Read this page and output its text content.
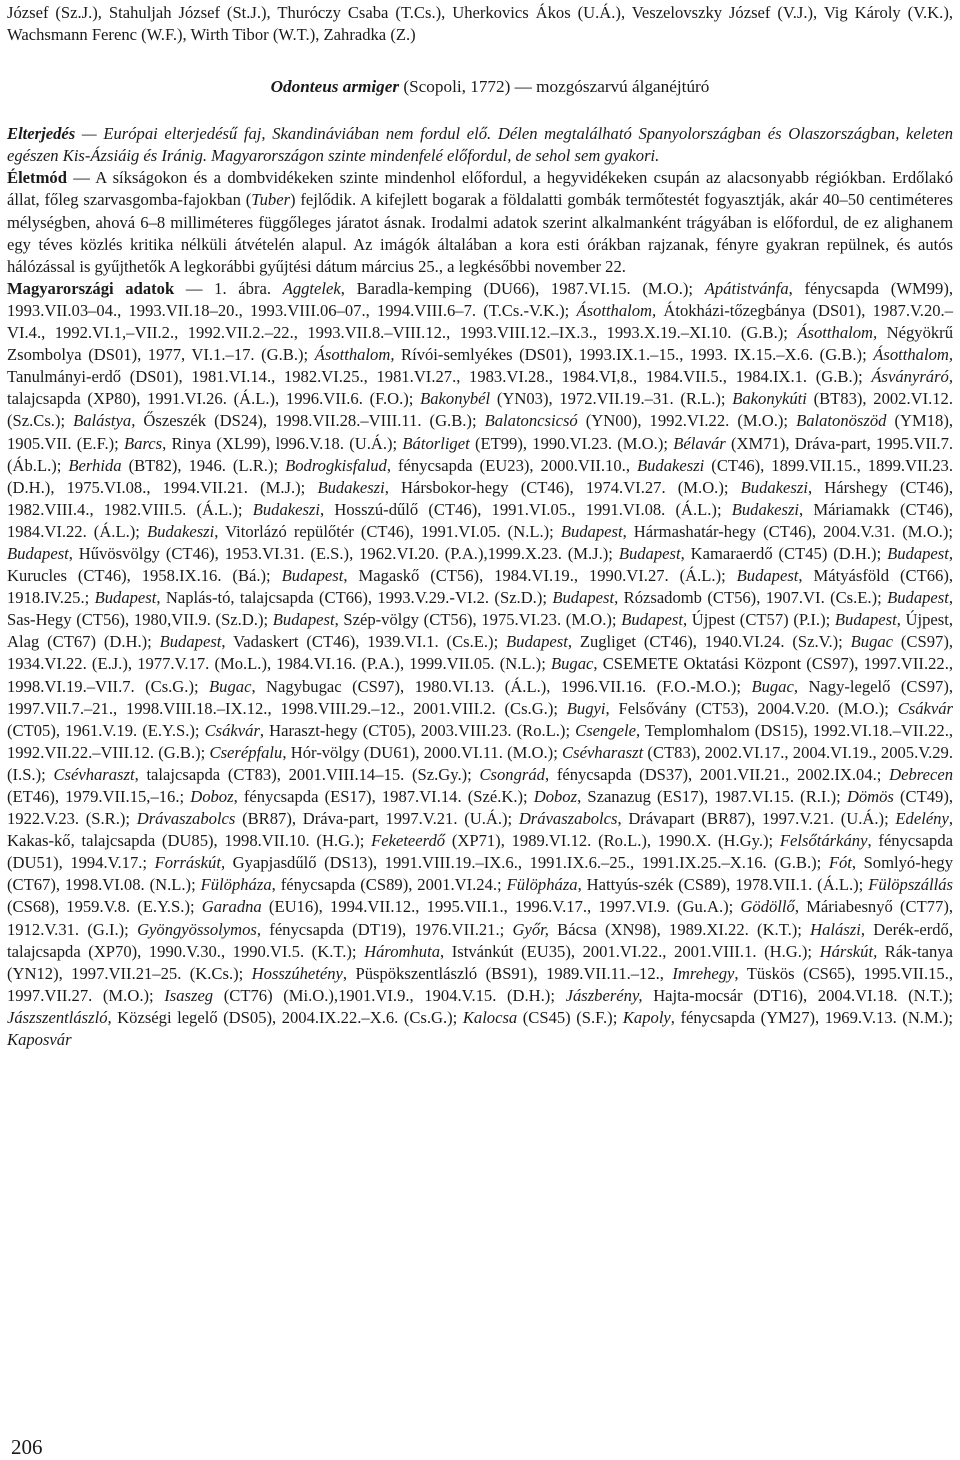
József (Sz.J.), Stahuljah József (St.J.), Thuróczy Csaba (T.Cs.), Uherkovics Ákos (U.Á.), Veszelovszky József (V.J.), Vig Károly (V.K.), Wachsmann Ferenc (W.F.), Wirth Tibor (W.T.), Zahradka (Z.)

Odonteus armiger (Scopoli, 1772) — mozgószarvú álganéjtúró

Elterjedés — Európai elterjedésű faj, Skandináviában nem fordul elő. Délen megtalálható Spanyolországban és Olaszországban, keleten egészen Kis-Ázsiáig és Iránig. Magyarországon szinte mindenfelé előfordul, de sehol sem gyakori.

Életmód — A síkságokon és a dombvidékeken szinte mindenhol előfordul, a hegyvidékeken csupán az alacsonyabb régiókban. Erdőlakó állat, főleg szarvasgomba-fajokban (Tuber) fejlődik. A kifejlett bogarak a földalatti gombák termőtestét fogyasztják, akár 40–50 centiméteres mélységben, ahová 6–8 milliméteres függőleges járatot ásnak. Irodalmi adatok szerint alkalmanként trágyában is előfordul, de ez alighanem egy téves közlés kritika nélküli átvételén alapul. Az imágók általában a kora esti órákban rajzanak, fényre gyakran repülnek, és autós hálózással is gyűjthetők A legkorábbi gyűjtési dátum március 25., a legkésőbbi november 22.

Magyarországi adatok — 1. ábra. Aggtelek, Baradla-kemping (DU66), 1987.VI.15. (M.O.); Apátistvánfa, fénycsapda (WM99), 1993.VII.03–04., 1993.VII.18–20., 1993.VIII.06–07., 1994.VIII.6–7. (T.Cs.-V.K.); Ásotthalom, Átokházi-tőzegbánya (DS01), 1987.V.20.–VI.4., 1992.VI.1,–VII.2., 1992.VII.2.–22., 1993.VII.8.–VIII.12., 1993.VIII.12.–IX.3., 1993.X.19.–XI.10. (G.B.); Ásotthalom, Négyökrű Zsombolya (DS01), 1977, VI.1.–17. (G.B.); Ásotthalom, Rívói-semlyékes (DS01), 1993.IX.1.–15., 1993. IX.15.–X.6. (G.B.); Ásotthalom, Tanulmányi-erdő (DS01), 1981.VI.14., 1982.VI.25., 1981.VI.27., 1983.VI.28., 1984.VI,8., 1984.VII.5., 1984.IX.1. (G.B.); Ásványráró, talajcsapda (XP80), 1991.VI.26. (Á.L.), 1996.VII.6. (F.O.); Bakonybél (YN03), 1972.VII.19.–31. (R.L.); Bakonykúti (BT83), 2002.VI.12. (Sz.Cs.); Balástya, Őszeszék (DS24), 1998.VII.28.–VIII.11. (G.B.); Balatoncsicsó (YN00), 1992.VI.22. (M.O.); Balatonöszöd (YM18), 1905.VII. (E.F.); Barcs, Rinya (XL99), l996.V.18. (U.Á.); Bátorliget (ET99), 1990.VI.23. (M.O.); Bélavár (XM71), Dráva-part, 1995.VII.7. (Áb.L.); Berhida (BT82), 1946. (L.R.); Bodrogkisfalud, fénycsapda (EU23), 2000.VII.10., Budakeszi (CT46), 1899.VII.15., 1899.VII.23. (D.H.), 1975.VI.08., 1994.VII.21. (M.J.); Budakeszi, Hársbokor-hegy (CT46), 1974.VI.27. (M.O.); Budakeszi, Hárshegy (CT46), 1982.VIII.4., 1982.VIII.5. (Á.L.); Budakeszi, Hosszú-dűlő (CT46), 1991.VI.05., 1991.VI.08. (Á.L.); Budakeszi, Máriamakk (CT46), 1984.VI.22. (Á.L.); Budakeszi, Vitorlázó repülőtér (CT46), 1991.VI.05. (N.L.); Budapest, Hármashatár-hegy (CT46), 2004.V.31. (M.O.); Budapest, Hűvösvölgy (CT46), 1953.VI.31. (E.S.), 1962.VI.20. (P.A.),1999.X.23. (M.J.); Budapest, Kamaraerdő (CT45) (D.H.); Budapest, Kurucles (CT46), 1958.IX.16. (Bá.); Budapest, Magaskő (CT56), 1984.VI.19., 1990.VI.27. (Á.L.); Budapest, Mátyásföld (CT66), 1918.IV.25.; Budapest, Naplás-tó, talajcsapda (CT66), 1993.V.29.-VI.2. (Sz.D.); Budapest, Rózsadomb (CT56), 1907.VI. (Cs.E.); Budapest, Sas-Hegy (CT56), 1980,VII.9. (Sz.D.); Budapest, Szép-völgy (CT56), 1975.VI.23. (M.O.); Budapest, Újpest (CT57) (P.I.); Budapest, Újpest, Alag (CT67) (D.H.); Budapest, Vadaskert (CT46), 1939.VI.1. (Cs.E.); Budapest, Zugliget (CT46), 1940.VI.24. (Sz.V.); Bugac (CS97), 1934.VI.22. (E.J.), 1977.V.17. (Mo.L.), 1984.VI.16. (P.A.), 1999.VII.05. (N.L.); Bugac, CSEMETE Oktatási Központ (CS97), 1997.VII.22., 1998.VI.19.–VII.7. (Cs.G.); Bugac, Nagybugac (CS97), 1980.VI.13. (Á.L.), 1996.VII.16. (F.O.-M.O.); Bugac, Nagy-legelő (CS97), 1997.VII.7.–21., 1998.VIII.18.–IX.12., 1998.VIII.29.–12., 2001.VIII.2. (Cs.G.); Bugyi, Felsővány (CT53), 2004.V.20. (M.O.); Csákvár (CT05), 1961.V.19. (E.Y.S.); Csákvár, Haraszt-hegy (CT05), 2003.VIII.23. (Ro.L.); Csengele, Templomhalom (DS15), 1992.VI.18.–VII.22., 1992.VII.22.–VIII.12. (G.B.); Cserépfalu, Hór-völgy (DU61), 2000.VI.11. (M.O.); Csévharaszt (CT83), 2002.VI.17., 2004.VI.19., 2005.V.29. (I.S.); Csévharaszt, talajcsapda (CT83), 2001.VIII.14–15. (Sz.Gy.); Csongrád, fénycsapda (DS37), 2001.VII.21., 2002.IX.04.; Debrecen (ET46), 1979.VII.15,–16.; Doboz, fénycsapda (ES17), 1987.VI.14. (Szé.K.); Doboz, Szanazug (ES17), 1987.VI.15. (R.I.); Dömös (CT49), 1922.V.23. (S.R.); Drávaszabolcs (BR87), Dráva-part, 1997.V.21. (U.Á.); Drávaszabolcs, Drávapart (BR87), 1997.V.21. (U.Á.); Edelény, Kakas-kő, talajcsapda (DU85), 1998.VII.10. (H.G.); Feketeerdő (XP71), 1989.VI.12. (Ro.L.), 1990.X. (H.Gy.); Felsőtárkány, fénycsapda (DU51), 1994.V.17.; Forráskút, Gyapjasdűlő (DS13), 1991.VIII.19.–IX.6., 1991.IX.6.–25., 1991.IX.25.–X.16. (G.B.); Fót, Somlyó-hegy (CT67), 1998.VI.08. (N.L.); Fülöpháza, fénycsapda (CS89), 2001.VI.24.; Fülöpháza, Hattyús-szék (CS89), 1978.VII.1. (Á.L.); Fülöpszállás (CS68), 1959.V.8. (E.Y.S.); Garadna (EU16), 1994.VII.12., 1995.VII.1., 1996.V.17., 1997.VI.9. (Gu.A.); Gödöllő, Máriabesnyő (CT77), 1912.V.31. (G.I.); Gyöngyössolymos, fénycsapda (DT19), 1976.VII.21.; Győr, Bácsa (XN98), 1989.XI.22. (K.T.); Halászi, Derék-erdő, talajcsapda (XP70), 1990.V.30., 1990.VI.5. (K.T.); Háromhuta, Istvánkút (EU35), 2001.VI.22., 2001.VIII.1. (H.G.); Hárskút, Rák-tanya (YN12), 1997.VII.21–25. (K.Cs.); Hosszúhetény, Püspökszentlászló (BS91), 1989.VII.11.–12., Imrehegy, Tüskös (CS65), 1995.VII.15., 1997.VII.27. (M.O.); Isaszeg (CT76) (Mi.O.),1901.VI.9., 1904.V.15. (D.H.); Jászberény, Hajta-mocsár (DT16), 2004.VI.18. (N.T.); Jászszentlászló, Községi legelő (DS05), 2004.IX.22.–X.6. (Cs.G.); Kalocsa (CS45) (S.F.); Kapoly, fénycsapda (YM27), 1969.V.13. (N.M.); Kaposvár

206
